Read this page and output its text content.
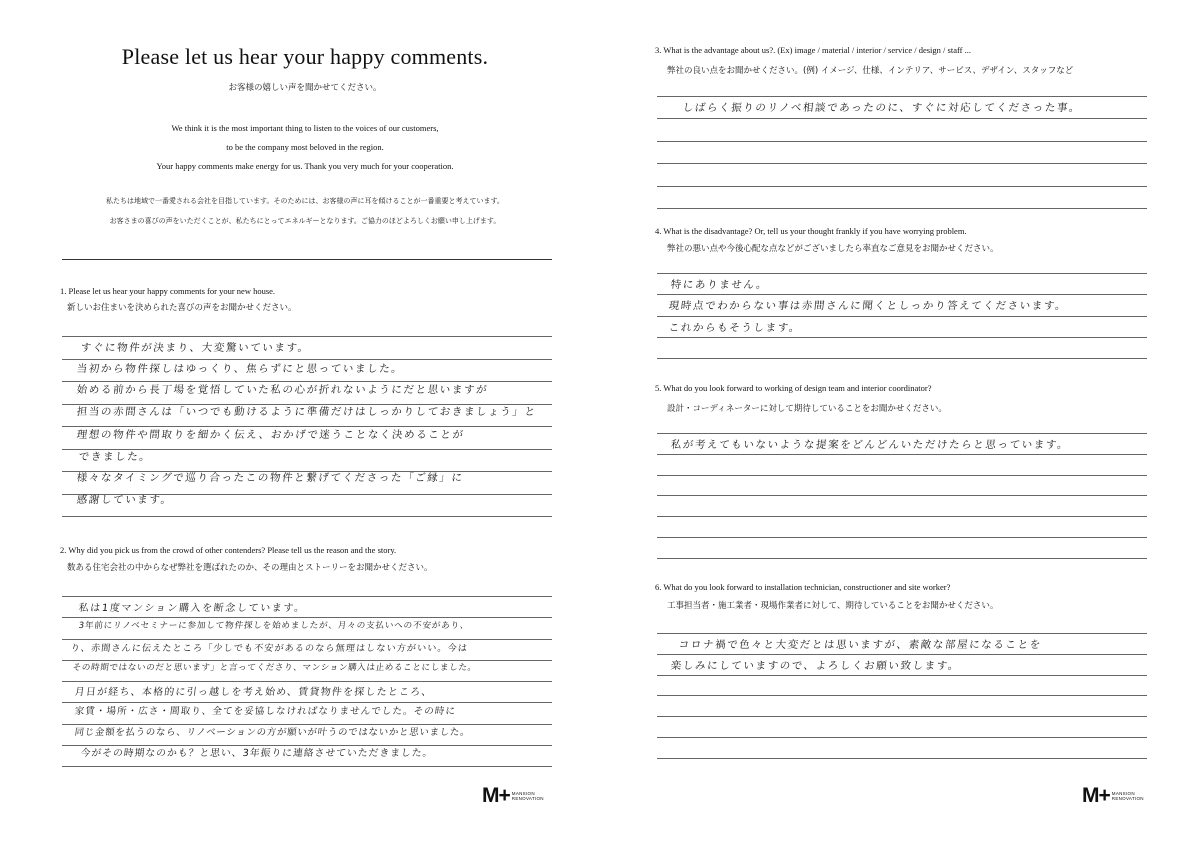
Please let us hear your happy comments.
お客様の嬉しい声を聞かせてください。
We think it is the most important thing to listen to the voices of our customers,
to be the company most beloved in the region.
Your happy comments make energy for us. Thank you very much for your cooperation.
私たちは地域で一番愛される会社を目指しています。そのためには、お客様の声に耳を傾けることが一番重要と考えています。
お客さまの喜びの声をいただくことが、私たちにとってエネルギーとなります。ご協力のほどよろしくお願い申し上げます。
1. Please let us hear your happy comments for your new house.
新しいお住まいを決められた喜びの声をお聞かせください。
すぐに物件が決まり、大変驚いています。
当初から物件探しはゆっくり、焦らずにと思っていました。
始める前から長丁場を覚悟していた私の心が折れないようにだと思いますが
担当の赤間さんは「いつでも動けるように準備だけはしっかりしておきましょう」と
理想の物件や間取りを細かく伝え、おかげで迷うことなく決めることが
できました。
様々なタイミングで巡り合ったこの物件と繋げてくださった「ご縁」に
感謝しています。
2. Why did you pick us from the crowd of other contenders? Please tell us the reason and the story.
数ある住宅会社の中からなぜ弊社を選ばれたのか、その理由とストーリーをお聞かせください。
私は1度マンション購入を断念しています。
3年前にリノベセミナーに参加して物件探しを始めましたが、月々の支払いへの不安があり、
り、赤間さんに伝えたところ「少しでも不安があるのなら無理はしない方がいい。今は
その時期ではないのだと思います」と言ってくださり、マンション購入は止めることにしました。
月日が経ち、本格的に引っ越しを考え始め、賃貸物件を探したところ、
家賃・場所・広さ・間取り、全てを妥協しなければなりませんでした。その時に
同じ金額を払うのなら、リノベーションの方が願いが叶うのではないかと思いました。
今がその時期なのかも？と思い、3年振りに連絡させていただきました。
M+ MANSION
RENOVATION
3. What is the advantage about us?. (Ex) image / material / interior / service / design / staff ...
弊社の良い点をお聞かせください。(例) イメージ、仕様、インテリア、サービス、デザイン、スタッフなど
しばらく振りのリノベ相談であったのに、すぐに対応してくださった事。
4. What is the disadvantage? Or, tell us your thought frankly if you have worrying problem.
弊社の悪い点や今後心配な点などがございましたら率直なご意見をお聞かせください。
特にありません。
現時点でわからない事は赤間さんに聞くとしっかり答えてくださいます。
これからもそうします。
5. What do you look forward to working of design team and interior coordinator?
設計・コーディネーターに対して期待していることをお聞かせください。
私が考えてもいないような提案をどんどんいただけたらと思っています。
6. What do you look forward to installation technician, constructioner and site worker?
工事担当者・施工業者・現場作業者に対して、期待していることをお聞かせください。
コロナ禍で色々と大変だとは思いますが、素敵な部屋になることを
楽しみにしていますので、よろしくお願い致します。
M+ MANSION
RENOVATION
